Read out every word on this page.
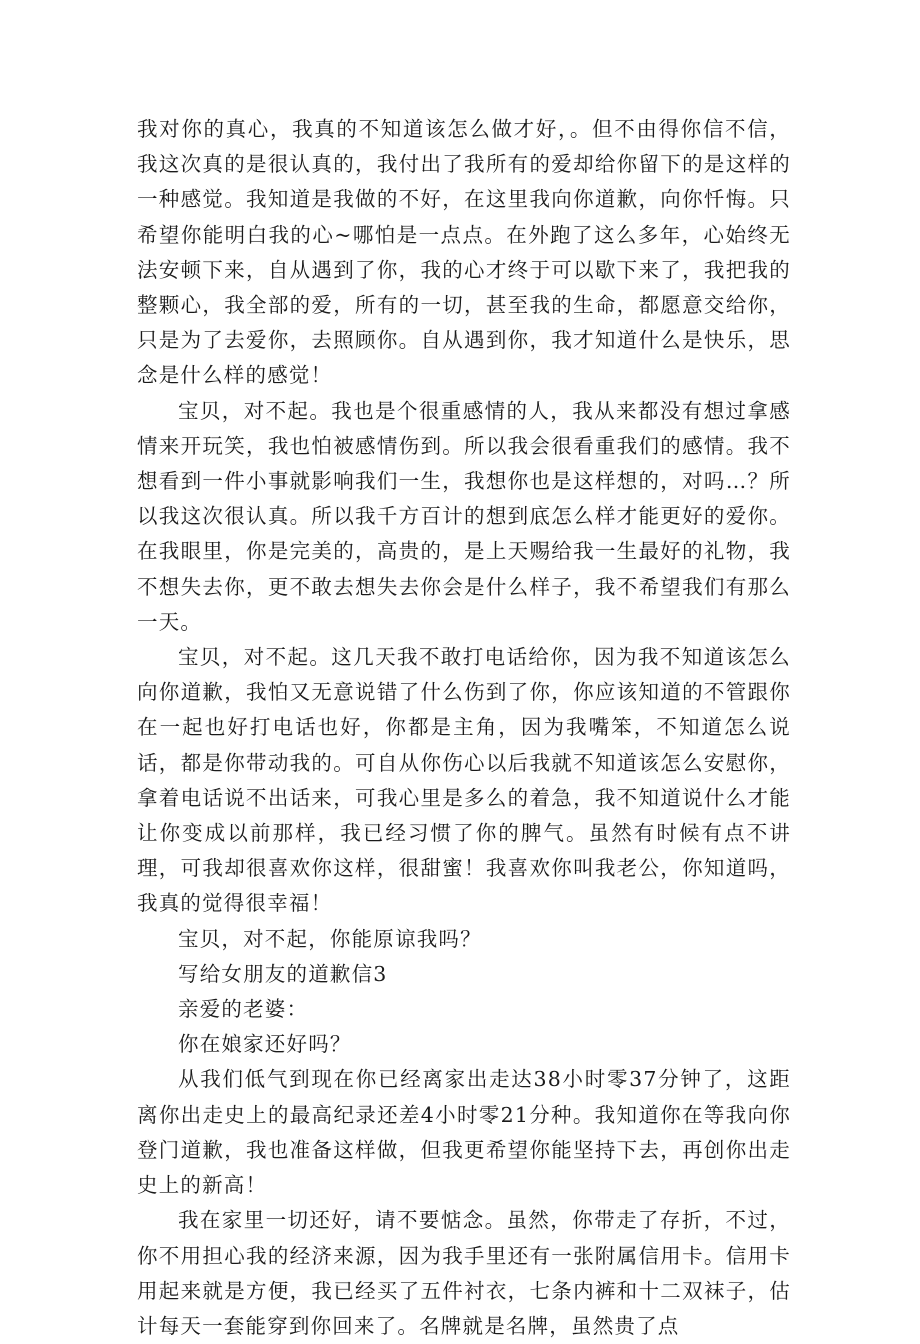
我对你的真心，我真的不知道该怎么做才好，。但不由得你信不信，我这次真的是很认真的，我付出了我所有的爱却给你留下的是这样的一种感觉。我知道是我做的不好，在这里我向你道歉，向你忏悔。只希望你能明白我的心~哪怕是一点点。在外跑了这么多年，心始终无法安顿下来，自从遇到了你，我的心才终于可以歇下来了，我把我的整颗心，我全部的爱，所有的一切，甚至我的生命，都愿意交给你，只是为了去爱你，去照顾你。自从遇到你，我才知道什么是快乐，思念是什么样的感觉！

宝贝，对不起。我也是个很重感情的人，我从来都没有想过拿感情来开玩笑，我也怕被感情伤到。所以我会很看重我们的感情。我不想看到一件小事就影响我们一生，我想你也是这样想的，对吗…？所以我这次很认真。所以我千方百计的想到底怎么样才能更好的爱你。在我眼里，你是完美的，高贵的，是上天赐给我一生最好的礼物，我不想失去你，更不敢去想失去你会是什么样子，我不希望我们有那么一天。

宝贝，对不起。这几天我不敢打电话给你，因为我不知道该怎么向你道歉，我怕又无意说错了什么伤到了你，你应该知道的不管跟你在一起也好打电话也好，你都是主角，因为我嘴笨，不知道怎么说话，都是你带动我的。可自从你伤心以后我就不知道该怎么安慰你，拿着电话说不出话来，可我心里是多么的着急，我不知道说什么才能让你变成以前那样，我已经习惯了你的脾气。虽然有时候有点不讲理，可我却很喜欢你这样，很甜蜜！我喜欢你叫我老公，你知道吗，我真的觉得很幸福！

宝贝，对不起，你能原谅我吗？

写给女朋友的道歉信3

亲爱的老婆：

你在娘家还好吗？

从我们低气到现在你已经离家出走达38小时零37分钟了，这距离你出走史上的最高纪录还差4小时零21分种。我知道你在等我向你登门道歉，我也准备这样做，但我更希望你能坚持下去，再创你出走史上的新高！

我在家里一切还好，请不要惦念。虽然，你带走了存折，不过，你不用担心我的经济来源，因为我手里还有一张附属信用卡。信用卡用起来就是方便，我已经买了五件衬衣，七条内裤和十二双袜子，估计每天一套能穿到你回来了。名牌就是名牌，虽然贵了点
